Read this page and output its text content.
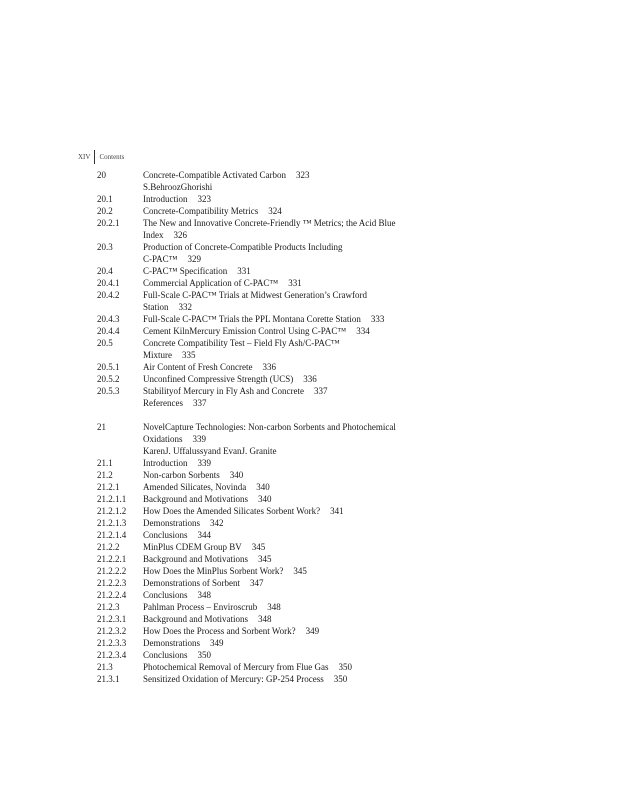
XIV	Contents
20	Concrete-Compatible Activated Carbon 323
S.BehroozGhorishi
20.1	Introduction 323
20.2	Concrete-Compatibility Metrics 324
20.2.1	The New and Innovative Concrete-Friendly ™ Metrics; the Acid Blue
Index 326
20.3	Production of Concrete-Compatible Products Including
C-PAC™ 329
20.4	C-PAC™ Specification 331
20.4.1	Commercial Application of C-PAC™ 331
20.4.2	Full-Scale C-PAC™ Trials at Midwest Generation’s Crawford
Station 332
20.4.3	Full-Scale C-PAC™ Trials the PPL Montana Corette Station 333
20.4.4	Cement KilnMercury Emission Control Using C-PAC™ 334
20.5	Concrete Compatibility Test – Field Fly Ash/C-PAC™
Mixture 335
20.5.1	Air Content of Fresh Concrete 336
20.5.2	Unconfined Compressive Strength (UCS) 336
20.5.3	Stabilityof Mercury in Fly Ash and Concrete 337
References 337
21	NovelCapture Technologies: Non-carbon Sorbents and Photochemical
Oxidations 339
KarenJ. Uffalussyand EvanJ. Granite
21.1	Introduction 339
21.2	Non-carbon Sorbents 340
21.2.1	Amended Silicates, Novinda 340
21.2.1.1	Background and Motivations 340
21.2.1.2	How Does the Amended Silicates Sorbent Work? 341
21.2.1.3	Demonstrations 342
21.2.1.4	Conclusions 344
21.2.2	MinPlus CDEM Group BV 345
21.2.2.1	Background and Motivations 345
21.2.2.2	How Does the MinPlus Sorbent Work? 345
21.2.2.3	Demonstrations of Sorbent 347
21.2.2.4	Conclusions 348
21.2.3	Pahlman Process – Enviroscrub 348
21.2.3.1	Background and Motivations 348
21.2.3.2	How Does the Process and Sorbent Work? 349
21.2.3.3	Demonstrations 349
21.2.3.4	Conclusions 350
21.3	Photochemical Removal of Mercury from Flue Gas 350
21.3.1	Sensitized Oxidation of Mercury: GP-254 Process 350
